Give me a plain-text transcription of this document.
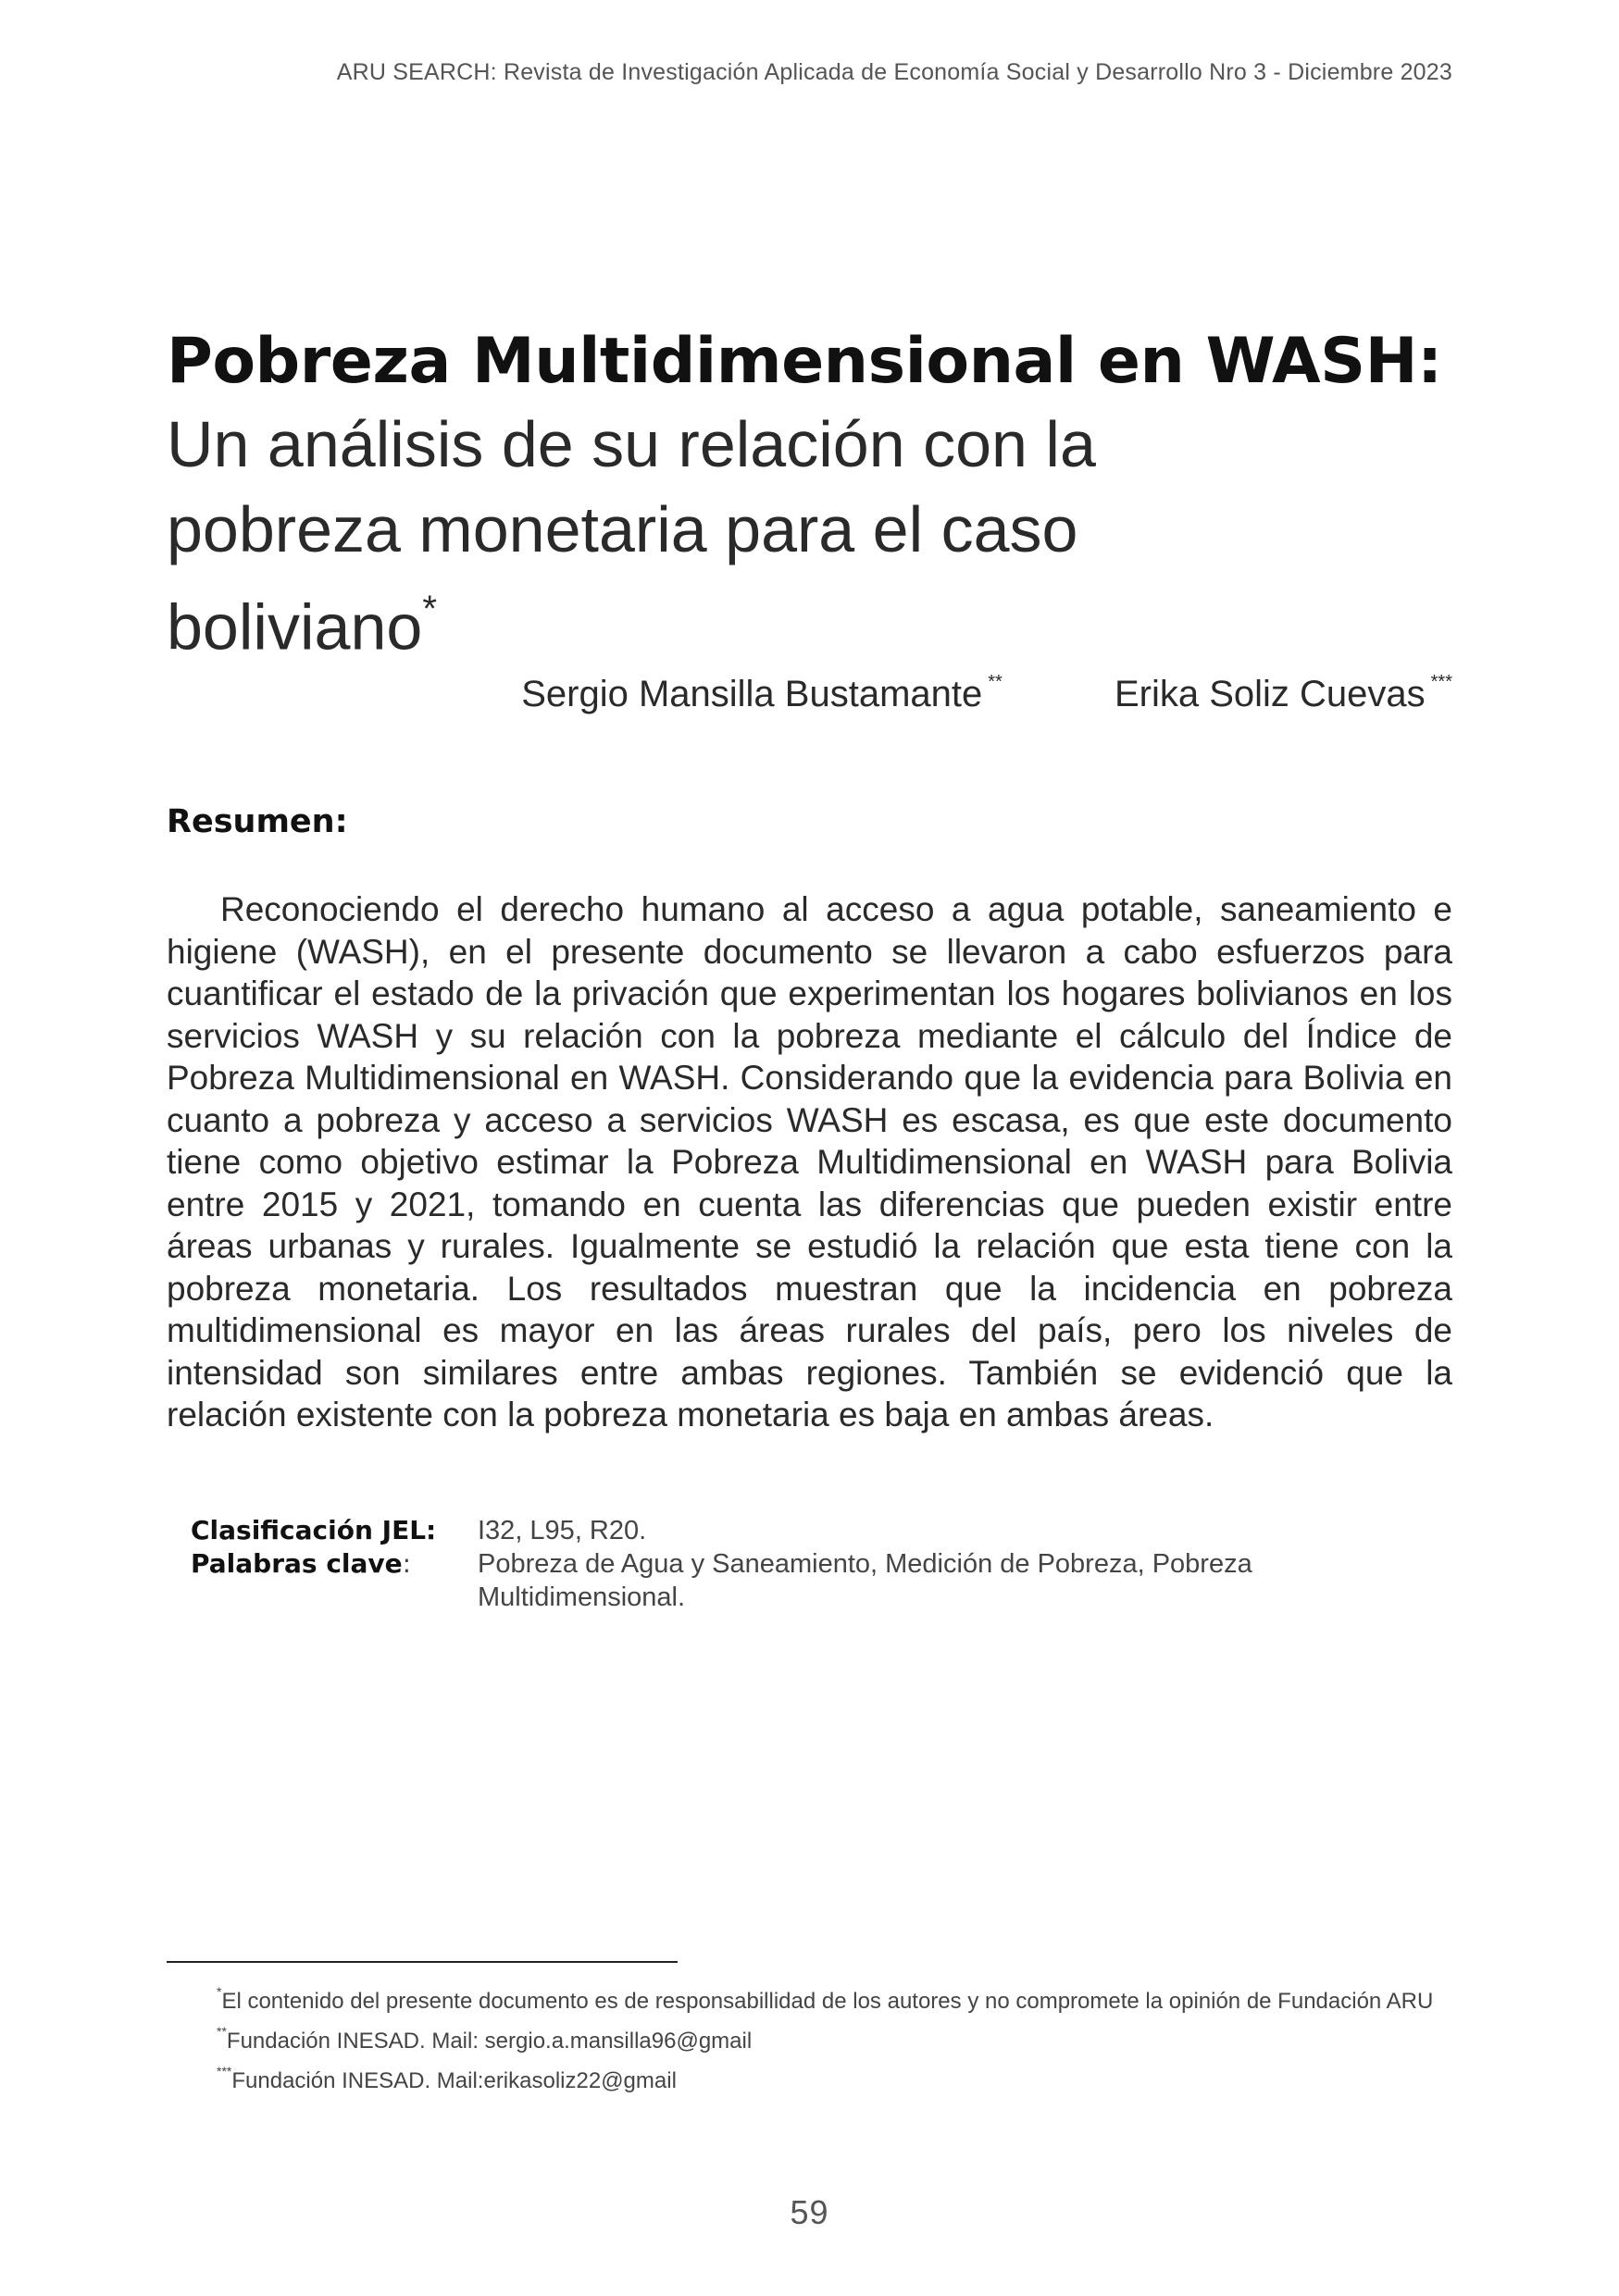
ARU SEARCH: Revista de Investigación Aplicada de Economía Social y Desarrollo Nro 3 - Diciembre 2023
Pobreza Multidimensional en WASH:
Un análisis de su relación con la
pobreza monetaria para el caso
boliviano*
Sergio Mansilla Bustamante **	Erika Soliz Cuevas ***
Resumen:

Reconociendo el derecho humano al acceso a agua potable, saneamiento e higiene (WASH), en el presente documento se llevaron a cabo esfuerzos para cuantificar el estado de la privación que experimentan los hogares bolivianos en los servicios WASH y su relación con la pobreza mediante el cálculo del Índice de Pobreza Multidimensional en WASH. Considerando que la evidencia para Bolivia en cuanto a pobreza y acceso a servicios WASH es escasa, es que este documento tiene como objetivo estimar la Pobreza Multidimensional en WASH para Bolivia entre 2015 y 2021, tomando en cuenta las diferencias que pueden existir entre áreas urbanas y rurales. Igualmente se estudió la relación que esta tiene con la pobreza monetaria. Los resultados muestran que la incidencia en pobreza multidimensional es mayor en las áreas rurales del país, pero los niveles de intensidad son similares entre ambas regiones. También se evidenció que la relación existente con la pobreza monetaria es baja en ambas áreas.

Clasificación JEL:	I32, L95, R20.
Palabras clave:	Pobreza de Agua y Saneamiento, Medición de Pobreza, Pobreza Multidimensional.

*El contenido del presente documento es de responsabillidad de los autores y no compromete la opinión de Fundación ARU

**Fundación INESAD. Mail: sergio.a.mansilla96@gmail

***Fundación INESAD. Mail:erikasoliz22@gmail

59
